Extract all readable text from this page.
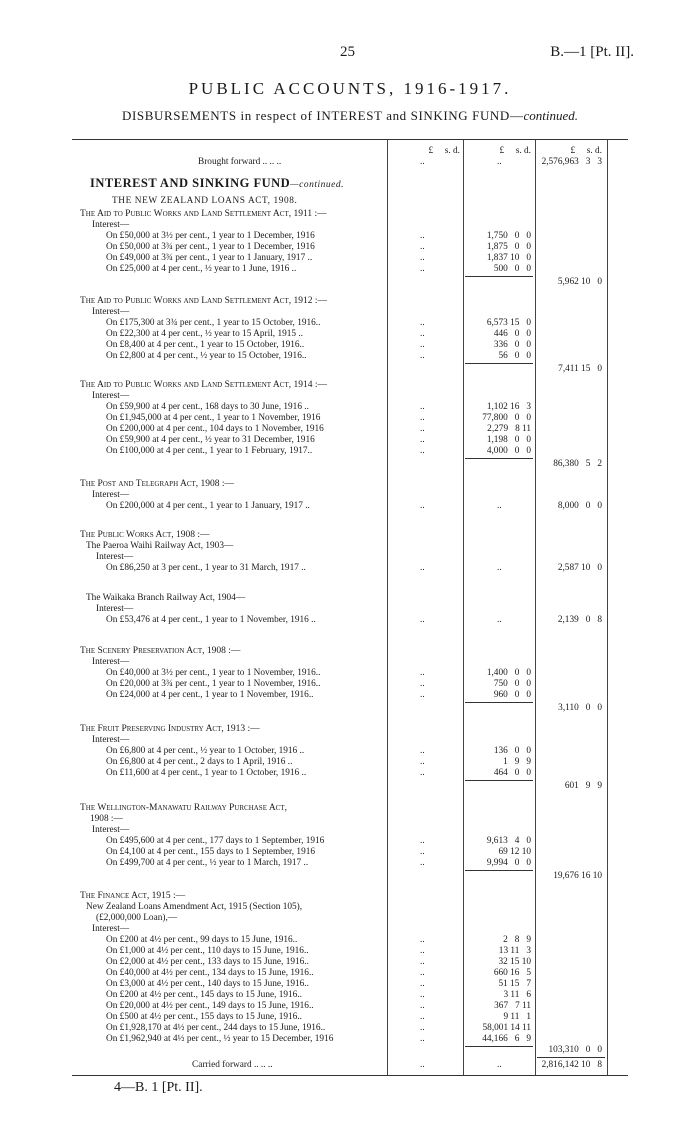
25	B.—1 [Pt. II].
PUBLIC ACCOUNTS, 1916-1917.
DISBURSEMENTS in respect of INTEREST and SINKING FUND—continued.
£     s. d.	£     s. d.	£     s. d.
Brought forward .. .. ..	..	..	2,576,963   3   3
INTEREST AND SINKING FUND—continued.
THE NEW ZEALAND LOANS ACT, 1908.
The Aid to Public Works and Land Settlement Act, 1911 :—
Interest—
On £50,000 at 3½ per cent., 1 year to 1 December, 1916	..	1,750   0   0
On £50,000 at 3¾ per cent., 1 year to 1 December, 1916	..	1,875   0   0
On £49,000 at 3¾ per cent., 1 year to 1 January, 1917 ..	..	1,837 10   0
On £25,000 at 4 per cent., ½ year to 1 June, 1916 ..	..	500   0   0
5,962 10   0
The Aid to Public Works and Land Settlement Act, 1912 :—
Interest—
On £175,300 at 3¾ per cent., 1 year to 15 October, 1916..	..	6,573 15   0
On £22,300 at 4 per cent., ½ year to 15 April, 1915 ..	..	446   0   0
On £8,400 at 4 per cent., 1 year to 15 October, 1916..	..	336   0   0
On £2,800 at 4 per cent., ½ year to 15 October, 1916..	..	56   0   0
7,411 15   0
The Aid to Public Works and Land Settlement Act, 1914 :—
Interest—
On £59,900 at 4 per cent., 168 days to 30 June, 1916 ..	..	1,102 16   3
On £1,945,000 at 4 per cent., 1 year to 1 November, 1916	..	77,800   0   0
On £200,000 at 4 per cent., 104 days to 1 November, 1916	..	2,279   8 11
On £59,900 at 4 per cent., ½ year to 31 December, 1916	..	1,198   0   0
On £100,000 at 4 per cent., 1 year to 1 February, 1917..	..	4,000   0   0
86,380   5   2
The Post and Telegraph Act, 1908 :—
Interest—
On £200,000 at 4 per cent., 1 year to 1 January, 1917 ..	..	..	8,000   0   0
The Public Works Act, 1908 :—
The Paeroa Waihi Railway Act, 1903—
Interest—
On £86,250 at 3 per cent., 1 year to 31 March, 1917 ..	..	..	2,587 10   0
The Waikaka Branch Railway Act, 1904—
Interest—
On £53,476 at 4 per cent., 1 year to 1 November, 1916 ..	..	..	2,139   0   8
The Scenery Preservation Act, 1908 :—
Interest—
On £40,000 at 3½ per cent., 1 year to 1 November, 1916..	..	1,400   0   0
On £20,000 at 3¾ per cent., 1 year to 1 November, 1916..	..	750   0   0
On £24,000 at 4 per cent., 1 year to 1 November, 1916..	..	960   0   0
3,110   0   0
The Fruit Preserving Industry Act, 1913 :—
Interest—
On £6,800 at 4 per cent., ½ year to 1 October, 1916 ..	..	136   0   0
On £6,800 at 4 per cent., 2 days to 1 April, 1916 ..	..	1   9   9
On £11,600 at 4 per cent., 1 year to 1 October, 1916 ..	..	464   0   0
601   9   9
The Wellington-Manawatu Railway Purchase Act,
1908 :—
Interest—
On £495,600 at 4 per cent., 177 days to 1 September, 1916	..	9,613   4   0
On £4,100 at 4 per cent., 155 days to 1 September, 1916	..	69 12 10
On £499,700 at 4 per cent., ½ year to 1 March, 1917 ..	..	9,994   0   0
19,676 16 10
The Finance Act, 1915 :—
New Zealand Loans Amendment Act, 1915 (Section 105),
(£2,000,000 Loan),—
Interest—
On £200 at 4½ per cent., 99 days to 15 June, 1916..	..	2   8   9
On £1,000 at 4½ per cent., 110 days to 15 June, 1916..	..	13 11   3
On £2,000 at 4½ per cent., 133 days to 15 June, 1916..	..	32 15 10
On £40,000 at 4½ per cent., 134 days to 15 June, 1916..	..	660 16   5
On £3,000 at 4½ per cent., 140 days to 15 June, 1916..	..	51 15   7
On £200 at 4½ per cent., 145 days to 15 June, 1916..	..	3 11   6
On £20,000 at 4½ per cent., 149 days to 15 June, 1916..	..	367   7 11
On £500 at 4½ per cent., 155 days to 15 June, 1916..	..	9 11   1
On £1,928,170 at 4½ per cent., 244 days to 15 June, 1916..	..	58,001 14 11
On £1,962,940 at 4½ per cent., ½ year to 15 December, 1916	..	44,166   6   9
103,310   0   0
Carried forward .. .. ..	..	..	2,816,142 10   8
4—B. 1 [Pt. II].
